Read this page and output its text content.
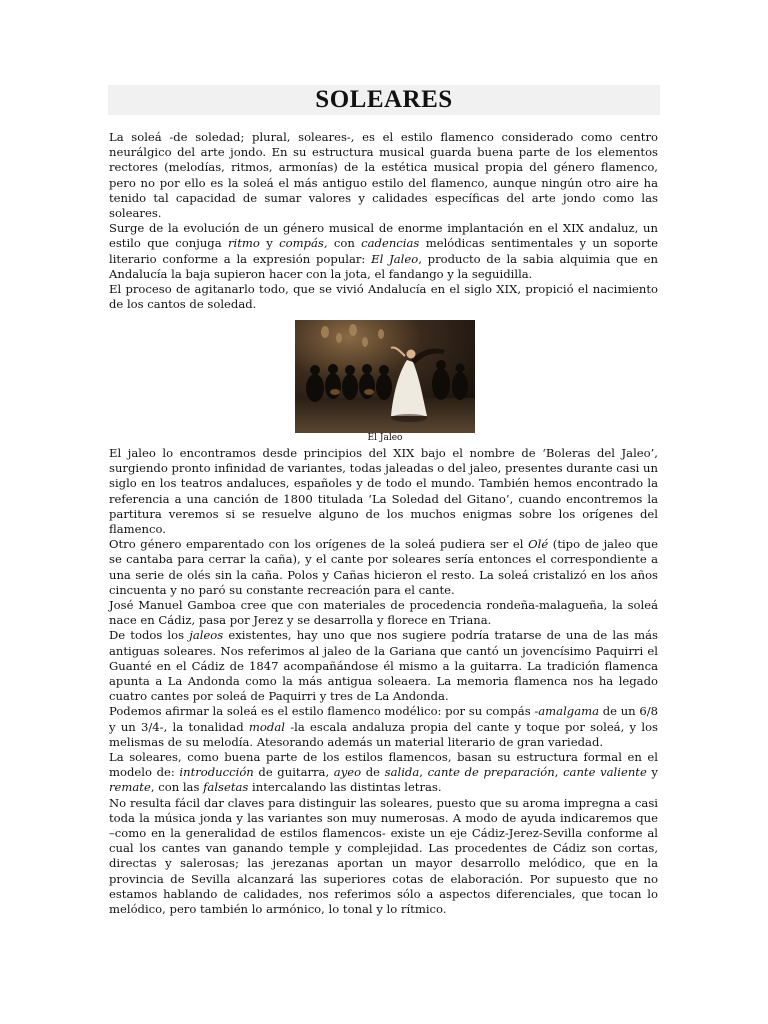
SOLEARES

La soleá -de soledad; plural, soleares-, es el estilo flamenco considerado como centro neurálgico del arte jondo. En su estructura musical guarda buena parte de los elementos rectores (melodías, ritmos, armonías) de la estética musical propia del género flamenco, pero no por ello es la soleá el más antiguo estilo del flamenco, aunque ningún otro aire ha tenido tal capacidad de sumar valores y calidades específicas del arte jondo como las soleares.

Surge de la evolución de un género musical de enorme implantación en el XIX andaluz, un estilo que conjuga ritmo y compás, con cadencias melódicas sentimentales y un soporte literario conforme a la expresión popular: El Jaleo, producto de la sabia alquimia que en Andalucía la baja supieron hacer con la jota, el fandango y la seguidilla.

El proceso de agitanarlo todo, que se vivió Andalucía en el siglo XIX, propició el nacimiento de los cantos de soledad.

El Jaleo

El jaleo lo encontramos desde principios del XIX bajo el nombre de ‘Boleras del Jaleo’, surgiendo pronto infinidad de variantes, todas jaleadas o del jaleo, presentes durante casi un siglo en los teatros andaluces, españoles y de todo el mundo. También hemos encontrado la referencia a una canción de 1800 titulada ‘La Soledad del Gitano’, cuando encontremos la partitura veremos si se resuelve alguno de los muchos enigmas sobre los orígenes del flamenco.

Otro género emparentado con los orígenes de la soleá pudiera ser el Olé (tipo de jaleo que se cantaba para cerrar la caña), y el cante por soleares sería entonces el correspondiente a una serie de olés sin la caña. Polos y Cañas hicieron el resto. La soleá cristalizó en los años cincuenta y no paró su constante recreación para el cante.

José Manuel Gamboa cree que con materiales de procedencia rondeña-malagueña, la soleá nace en Cádiz, pasa por Jerez y se desarrolla y florece en Triana.

De todos los jaleos existentes, hay uno que nos sugiere podría tratarse de una de las más antiguas soleares. Nos referimos al jaleo de la Gariana que cantó un jovencísimo Paquirri el Guanté en el Cádiz de 1847 acompañándose él mismo a la guitarra. La tradición flamenca apunta a La Andonda como la más antigua soleaera. La memoria flamenca nos ha legado cuatro cantes por soleá de Paquirri y tres de La Andonda.

Podemos afirmar la soleá es el estilo flamenco modélico: por su compás -amalgama de un 6/8 y un 3/4-, la tonalidad modal -la escala andaluza propia del cante y toque por soleá, y los melismas de su melodía. Atesorando además un material literario de gran variedad.

La soleares, como buena parte de los estilos flamencos, basan su estructura formal en el modelo de: introducción de guitarra, ayeo de salida, cante de preparación, cante valiente y remate, con las falsetas intercalando las distintas letras.

No resulta fácil dar claves para distinguir las soleares, puesto que su aroma impregna a casi toda la música jonda y las variantes son muy numerosas. A modo de ayuda indicaremos que –como en la generalidad de estilos flamencos- existe un eje Cádiz-Jerez-Sevilla conforme al cual los cantes van ganando temple y complejidad. Las procedentes de Cádiz son cortas, directas y salerosas; las jerezanas aportan un mayor desarrollo melódico, que en la provincia de Sevilla alcanzará las superiores cotas de elaboración. Por supuesto que no estamos hablando de calidades, nos referimos sólo a aspectos diferenciales, que tocan lo melódico, pero también lo armónico, lo tonal y lo rítmico.
